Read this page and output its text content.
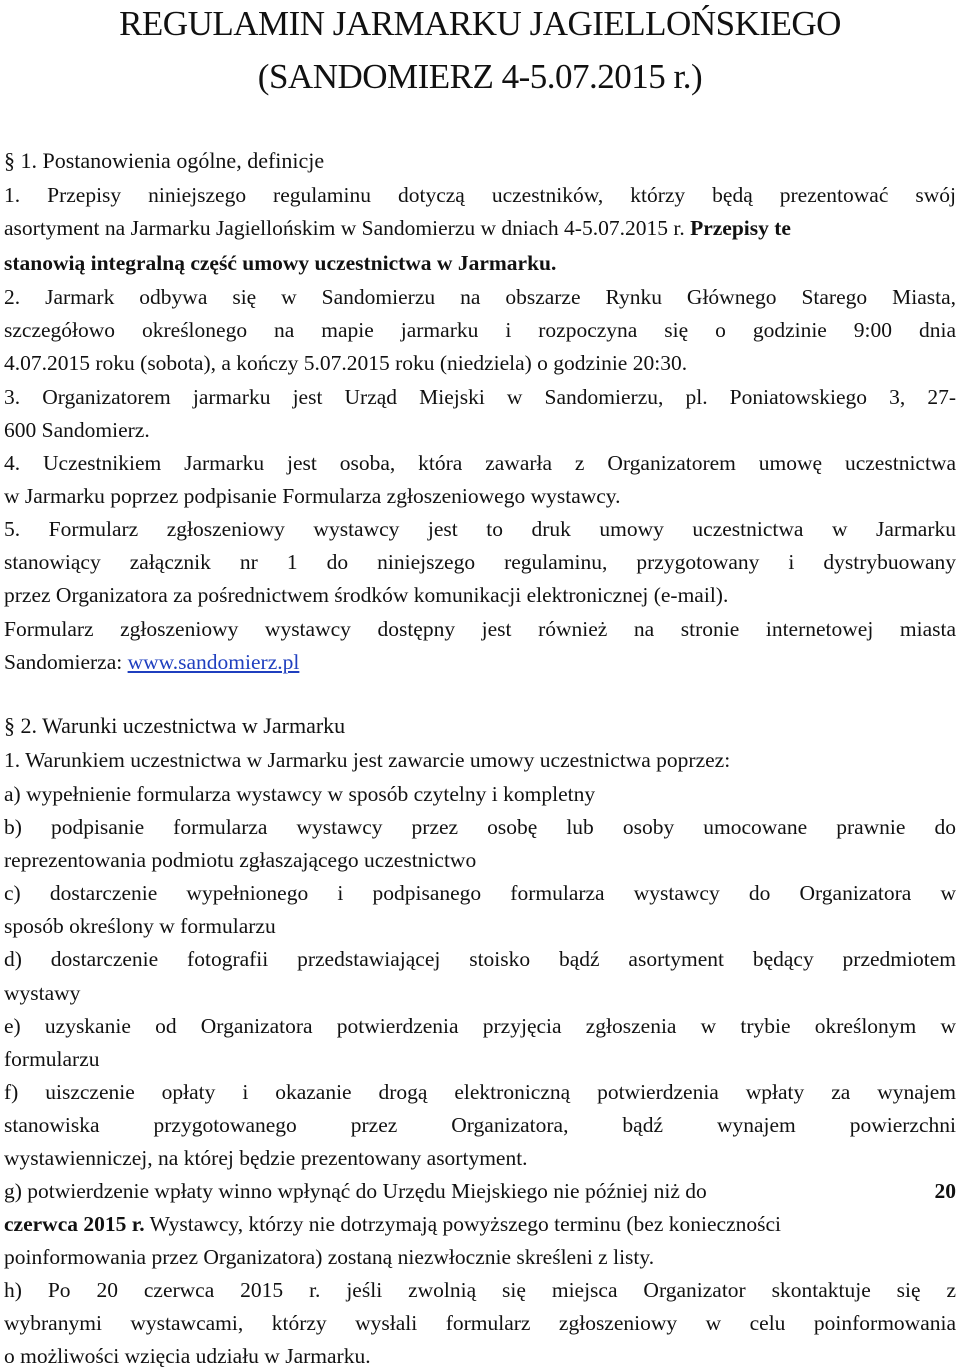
REGULAMIN JARMARKU JAGIELLOŃSKIEGO
(SANDOMIERZ 4-5.07.2015 r.)
§ 1. Postanowienia ogólne, definicje
1. Przepisy niniejszego regulaminu dotyczą uczestników, którzy będą prezentować swój
asortyment na Jarmarku Jagiellońskim w Sandomierzu w dniach 4-5.07.2015 r. Przepisy te
stanowią integralną część umowy uczestnictwa w Jarmarku.
2. Jarmark odbywa się w Sandomierzu na obszarze Rynku Głównego Starego Miasta,
szczegółowo określonego na mapie jarmarku i rozpoczyna się o godzinie 9:00 dnia
4.07.2015 roku (sobota), a kończy 5.07.2015 roku (niedziela) o godzinie 20:30.
3. Organizatorem jarmarku jest Urząd Miejski w Sandomierzu, pl. Poniatowskiego 3, 27-
600 Sandomierz.
4. Uczestnikiem Jarmarku jest osoba, która zawarła z Organizatorem umowę uczestnictwa
w Jarmarku poprzez podpisanie Formularza zgłoszeniowego wystawcy.
5. Formularz zgłoszeniowy wystawcy jest to druk umowy uczestnictwa w Jarmarku
stanowiący załącznik nr 1 do niniejszego regulaminu, przygotowany i dystrybuowany
przez Organizatora za pośrednictwem środków komunikacji elektronicznej (e-mail).
Formularz zgłoszeniowy wystawcy dostępny jest również na stronie internetowej miasta
Sandomierza: www.sandomierz.pl
§ 2. Warunki uczestnictwa w Jarmarku
1. Warunkiem uczestnictwa w Jarmarku jest zawarcie umowy uczestnictwa poprzez:
a) wypełnienie formularza wystawcy w sposób czytelny i kompletny
b) podpisanie formularza wystawcy przez osobę lub osoby umocowane prawnie do
reprezentowania podmiotu zgłaszającego uczestnictwo
c) dostarczenie wypełnionego i podpisanego formularza wystawcy do Organizatora w
sposób określony w formularzu
d) dostarczenie fotografii przedstawiającej stoisko bądź asortyment będący przedmiotem
wystawy
e) uzyskanie od Organizatora potwierdzenia przyjęcia zgłoszenia w trybie określonym w
formularzu
f) uiszczenie opłaty i okazanie drogą elektroniczną potwierdzenia wpłaty za wynajem
stanowiska przygotowanego przez Organizatora, bądź wynajem powierzchni
wystawienniczej, na której będzie prezentowany asortyment.
g) potwierdzenie wpłaty winno wpłynąć do Urzędu Miejskiego nie później niż do	20
czerwca 2015 r. Wystawcy, którzy nie dotrzymają powyższego terminu (bez konieczności
poinformowania przez Organizatora) zostaną niezwłocznie skreśleni z listy.
h) Po 20 czerwca 2015 r. jeśli zwolnią się miejsca Organizator skontaktuje się z
wybranymi wystawcami, którzy wysłali formularz zgłoszeniowy w celu poinformowania
o możliwości wzięcia udziału w Jarmarku.
